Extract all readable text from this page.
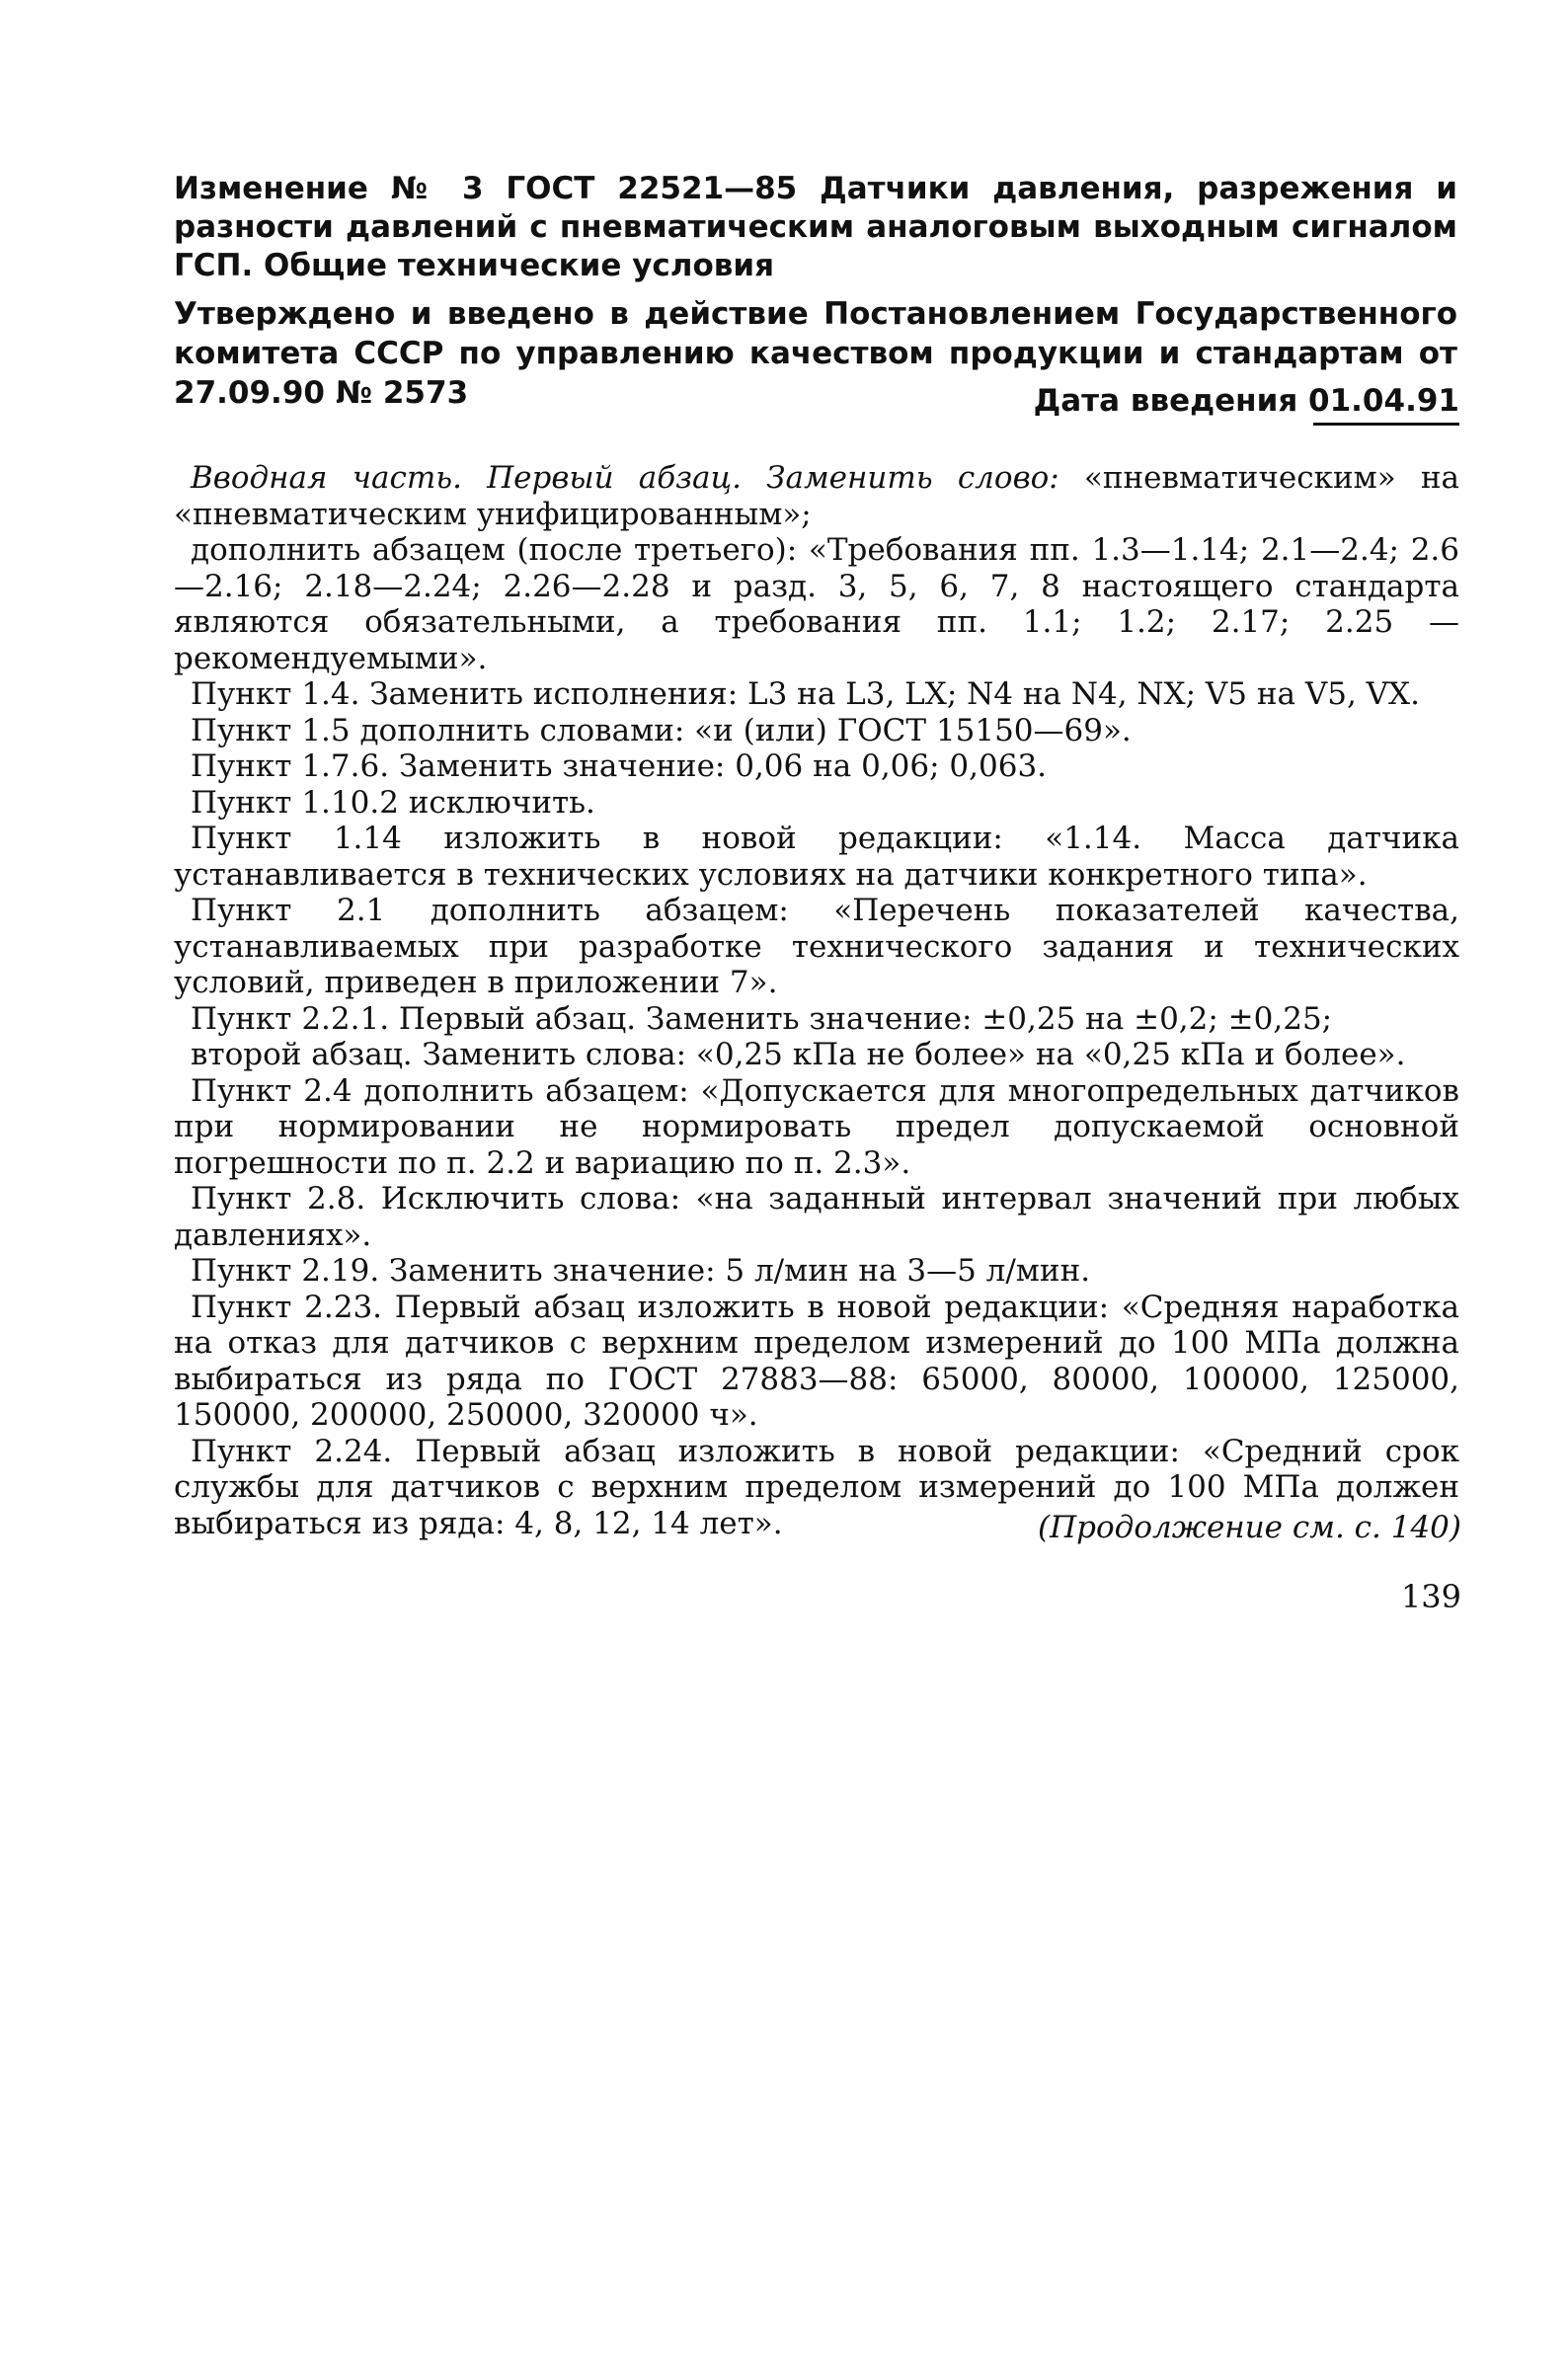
Изменение № 3 ГОСТ 22521—85 Датчики давления, разрежения и разности давлений с пневматическим аналоговым выходным сигналом ГСП. Общие технические условия

Утверждено и введено в действие Постановлением Государственного комитета СССР по управлению качеством продукции и стандартам от 27.09.90 № 2573	Дата введения 01.04.91

Вводная часть. Первый абзац. Заменить слово: «пневматическим» на «пневматическим унифицированным»;

дополнить абзацем (после третьего): «Требования пп. 1.3—1.14; 2.1—2.4; 2.6—2.16; 2.18—2.24; 2.26—2.28 и разд. 3, 5, 6, 7, 8 настоящего стандарта являются обязательными, а требования пп. 1.1; 1.2; 2.17; 2.25 — рекомендуемыми».

Пункт 1.4. Заменить исполнения: L3 на L3, LX; N4 на N4, NX; V5 на V5, VX.

Пункт 1.5 дополнить словами: «и (или) ГОСТ 15150—69».

Пункт 1.7.6. Заменить значение: 0,06 на 0,06; 0,063.

Пункт 1.10.2 исключить.

Пункт 1.14 изложить в новой редакции: «1.14. Масса датчика устанавливается в технических условиях на датчики конкретного типа».

Пункт 2.1 дополнить абзацем: «Перечень показателей качества, устанавливаемых при разработке технического задания и технических условий, приведен в приложении 7».

Пункт 2.2.1. Первый абзац. Заменить значение: ±0,25 на ±0,2; ±0,25;

второй абзац. Заменить слова: «0,25 кПа не более» на «0,25 кПа и более».

Пункт 2.4 дополнить абзацем: «Допускается для многопредельных датчиков при нормировании не нормировать предел допускаемой основной погрешности по п. 2.2 и вариацию по п. 2.3».

Пункт 2.8. Исключить слова: «на заданный интервал значений при любых давлениях».

Пункт 2.19. Заменить значение: 5 л/мин на 3—5 л/мин.

Пункт 2.23. Первый абзац изложить в новой редакции: «Средняя наработка на отказ для датчиков с верхним пределом измерений до 100 МПа должна выбираться из ряда по ГОСТ 27883—88: 65000, 80000, 100000, 125000, 150000, 200000, 250000, 320000 ч».

Пункт 2.24. Первый абзац изложить в новой редакции: «Средний срок службы для датчиков с верхним пределом измерений до 100 МПа должен выбираться из ряда: 4, 8, 12, 14 лет».	(Продолжение см. с. 140)

139
